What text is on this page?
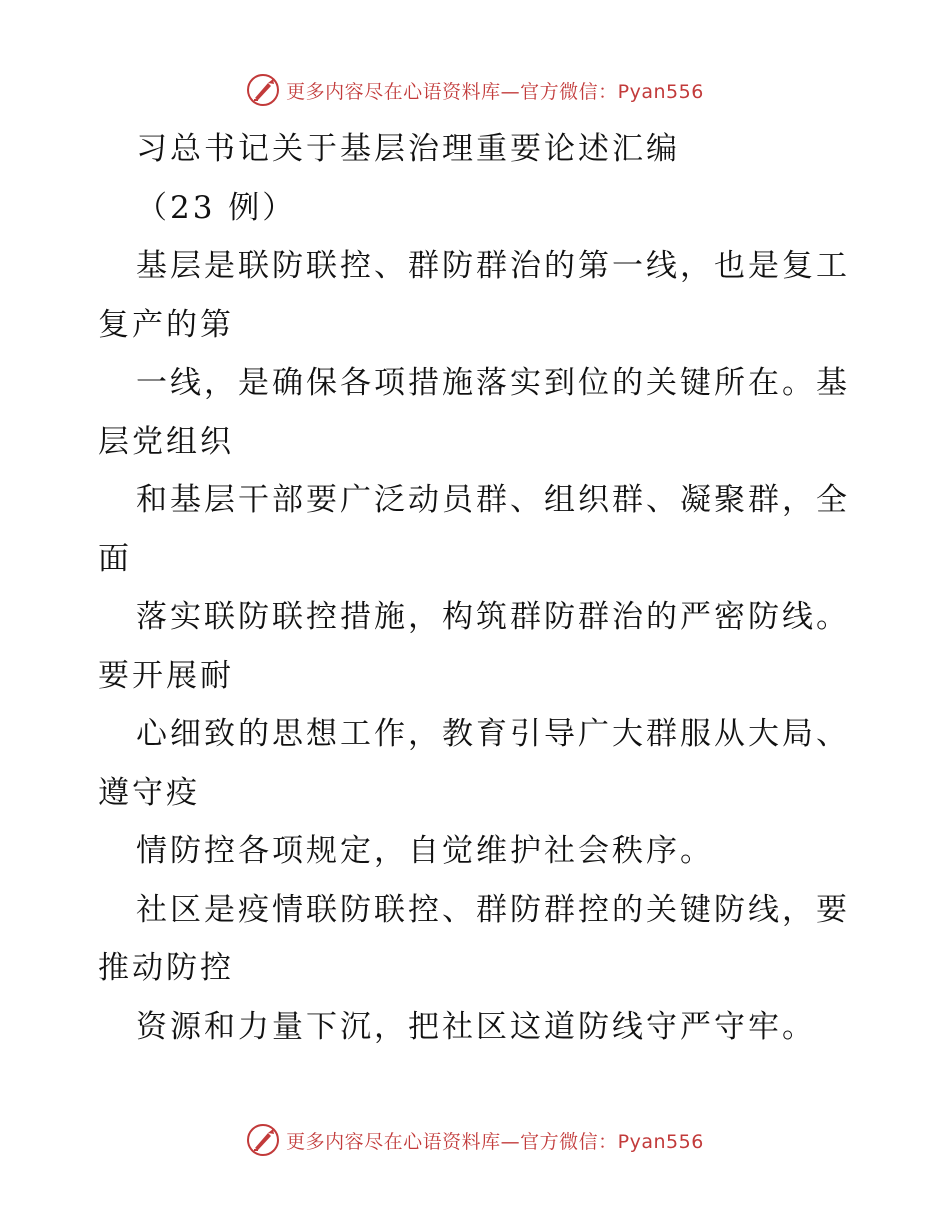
更多内容尽在心语资料库—官方微信：Pyan556

习总书记关于基层治理重要论述汇编

（23 例）

基层是联防联控、群防群治的第一线，也是复工

复产的第

一线，是确保各项措施落实到位的关键所在。基

层党组织

和基层干部要广泛动员群、组织群、凝聚群，全

面

落实联防联控措施，构筑群防群治的严密防线。

要开展耐

心细致的思想工作，教育引导广大群服从大局、

遵守疫

情防控各项规定，自觉维护社会秩序。

社区是疫情联防联控、群防群控的关键防线，要

推动防控

资源和力量下沉，把社区这道防线守严守牢。

更多内容尽在心语资料库—官方微信：Pyan556
